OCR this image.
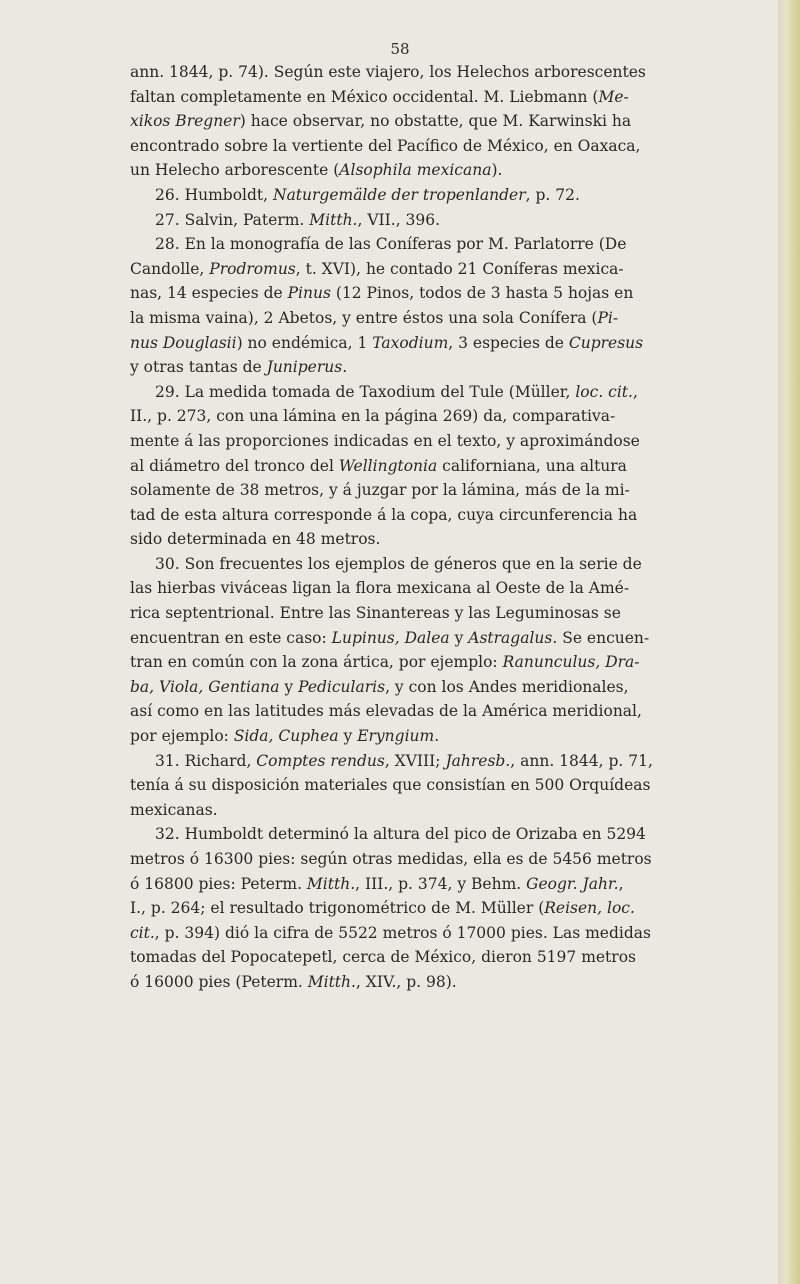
58
ann. 1844, p. 74). Según este viajero, los Helechos arborescentes
faltan completamente en México occidental. M. Liebmann (Me-
xikos Bregner) hace observar, no obstatte, que M. Karwinski ha
encontrado sobre la vertiente del Pacífico de México, en Oaxaca,
un Helecho arborescente (Alsophila mexicana).
26. Humboldt, Naturgemälde der tropenlander, p. 72.
27. Salvin, Paterm. Mitth., VII., 396.
28. En la monografía de las Coníferas por M. Parlatorre (De
Candolle, Prodromus, t. XVI), he contado 21 Coníferas mexica-
nas, 14 especies de Pinus (12 Pinos, todos de 3 hasta 5 hojas en
la misma vaina), 2 Abetos, y entre éstos una sola Conífera (Pi-
nus Douglasii) no endémica, 1 Taxodium, 3 especies de Cupresus
y otras tantas de Juniperus.
29. La medida tomada de Taxodium del Tule (Müller, loc. cit.,
II., p. 273, con una lámina en la página 269) da, comparativa-
mente á las proporciones indicadas en el texto, y aproximándose
al diámetro del tronco del Wellingtonia californiana, una altura
solamente de 38 metros, y á juzgar por la lámina, más de la mi-
tad de esta altura corresponde á la copa, cuya circunferencia ha
sido determinada en 48 metros.
30. Son frecuentes los ejemplos de géneros que en la serie de
las hierbas viváceas ligan la flora mexicana al Oeste de la Amé-
rica septentrional. Entre las Sinantereas y las Leguminosas se
encuentran en este caso: Lupinus, Dalea y Astragalus. Se encuen-
tran en común con la zona ártica, por ejemplo: Ranunculus, Dra-
ba, Viola, Gentiana y Pedicularis, y con los Andes meridionales,
así como en las latitudes más elevadas de la América meridional,
por ejemplo: Sida, Cuphea y Eryngium.
31. Richard, Comptes rendus, XVIII; Jahresb., ann. 1844, p. 71,
tenía á su disposición materiales que consistían en 500 Orquídeas
mexicanas.
32. Humboldt determinó la altura del pico de Orizaba en 5294
metros ó 16300 pies: según otras medidas, ella es de 5456 metros
ó 16800 pies: Peterm. Mitth., III., p. 374, y Behm. Geogr. Jahr.,
I., p. 264; el resultado trigonométrico de M. Müller (Reisen, loc.
cit., p. 394) dió la cifra de 5522 metros ó 17000 pies. Las medidas
tomadas del Popocatepetl, cerca de México, dieron 5197 metros
ó 16000 pies (Peterm. Mitth., XIV., p. 98).
